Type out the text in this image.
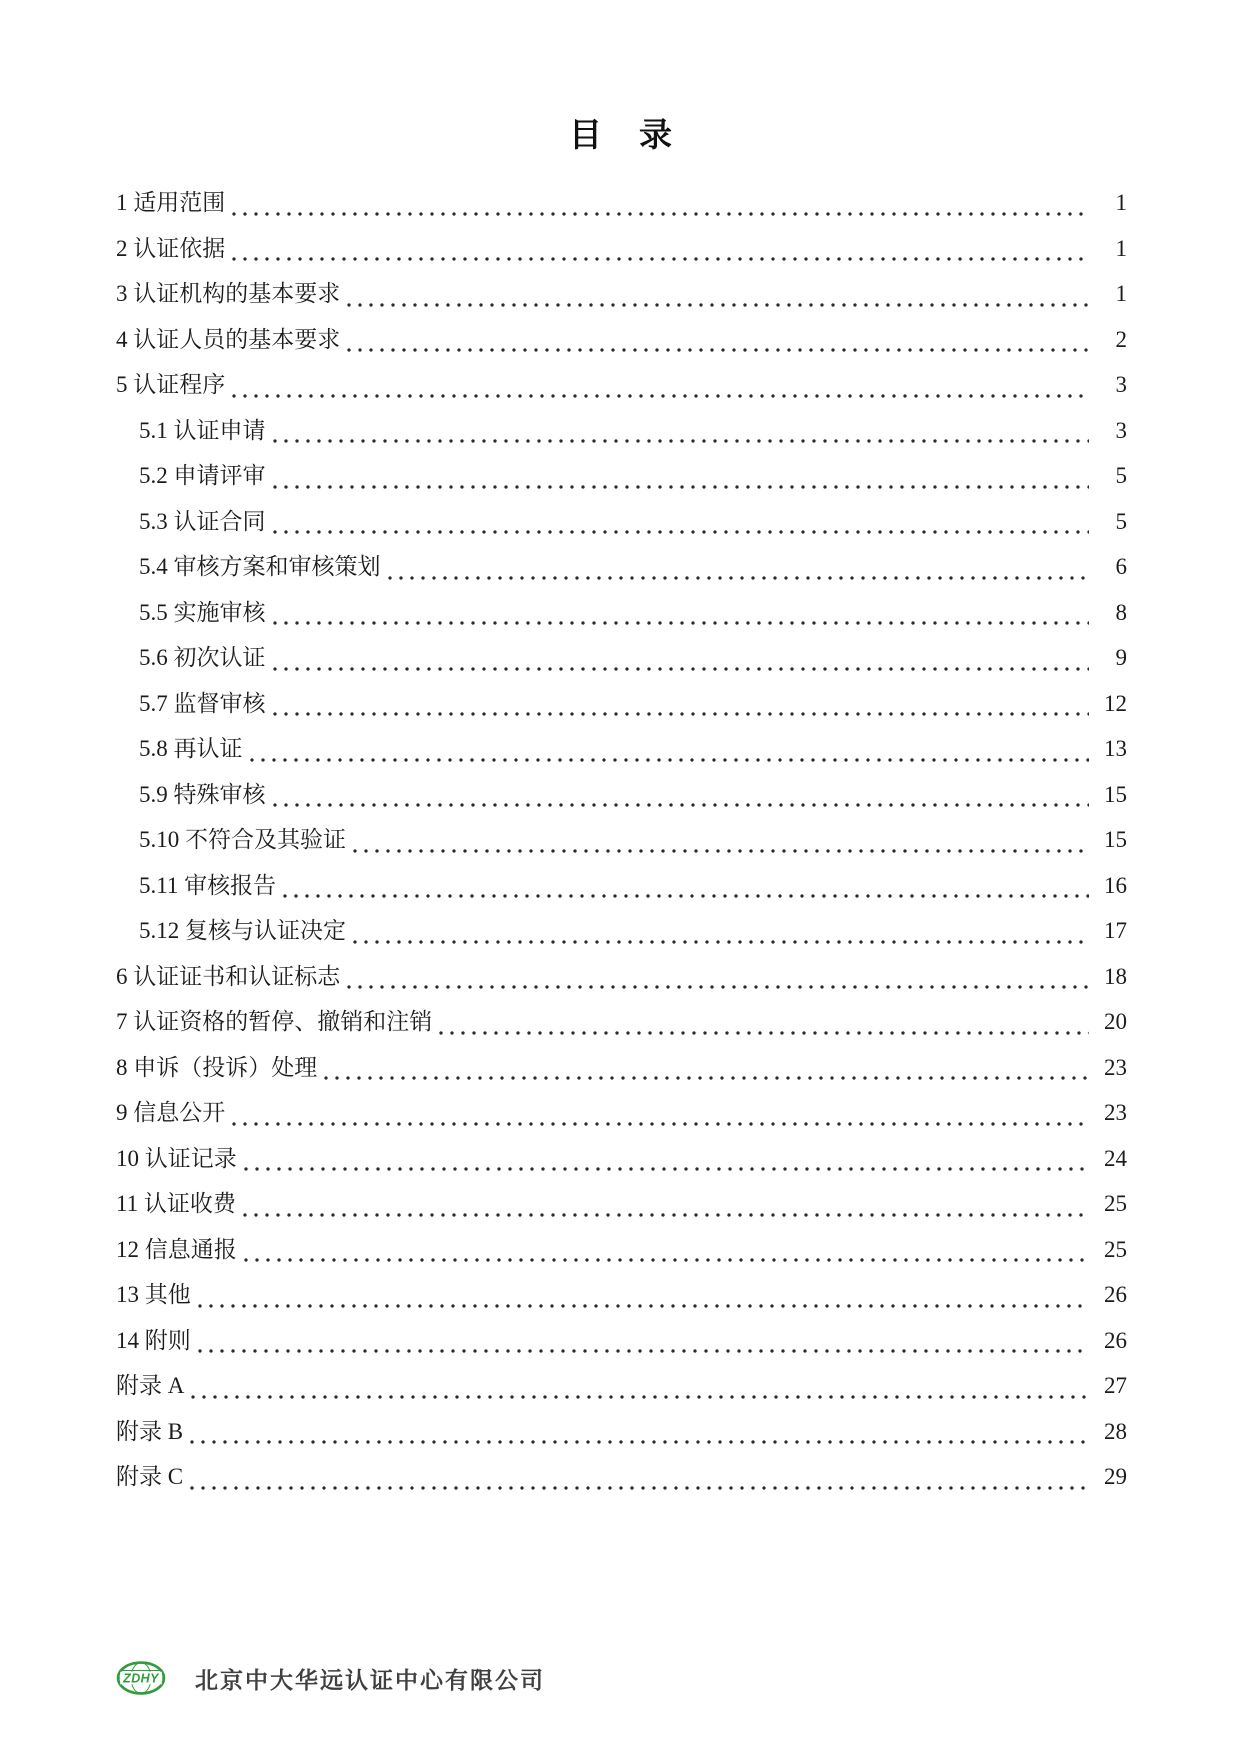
目　录
1 适用范围	1
2 认证依据	1
3 认证机构的基本要求	1
4 认证人员的基本要求	2
5 认证程序	3
5.1 认证申请	3
5.2 申请评审	5
5.3 认证合同	5
5.4 审核方案和审核策划	6
5.5 实施审核	8
5.6 初次认证	9
5.7 监督审核	12
5.8 再认证	13
5.9 特殊审核	15
5.10 不符合及其验证	15
5.11 审核报告	16
5.12 复核与认证决定	17
6 认证证书和认证标志	18
7 认证资格的暂停、撤销和注销	20
8 申诉（投诉）处理	23
9 信息公开	23
10 认证记录	24
11 认证收费	25
12 信息通报	25
13 其他	26
14 附则	26
附录 A	27
附录 B	28
附录 C	29
ZDHY 北京中大华远认证中心有限公司
